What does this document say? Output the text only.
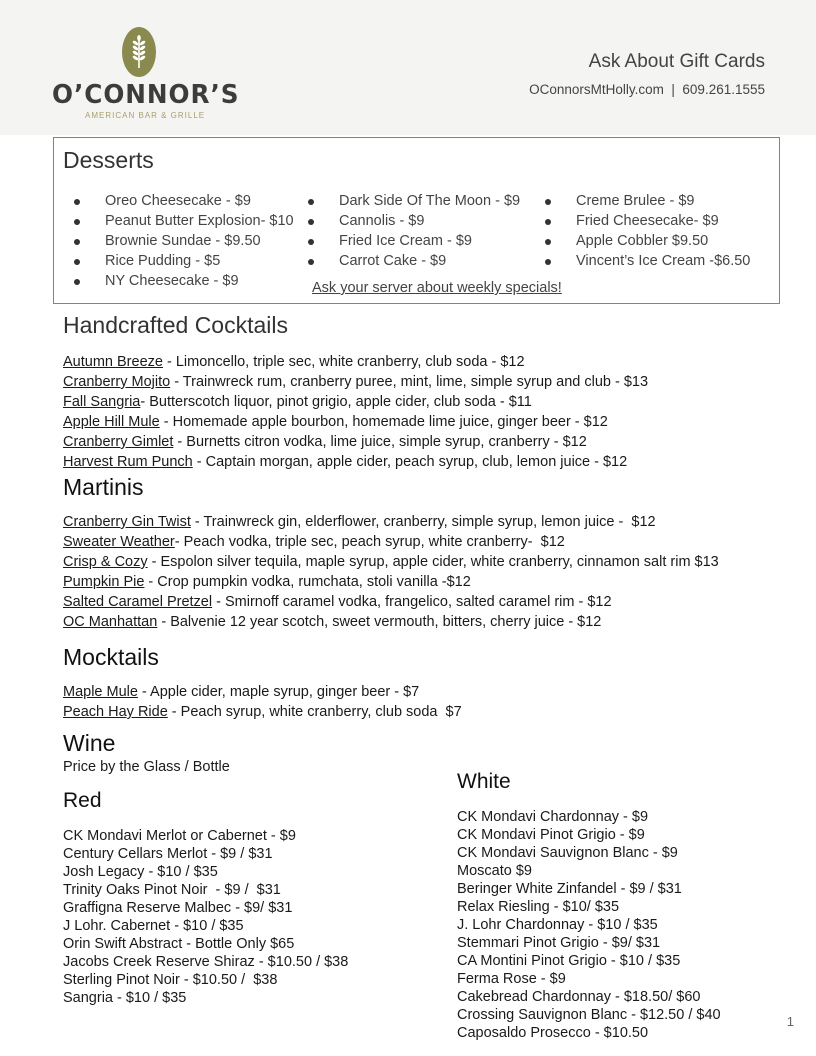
O’CONNOR’S
AMERICAN BAR & GRILLE
Ask About Gift Cards
OConnorsMtHolly.com  |  609.261.1555
Desserts
Oreo Cheesecake - $9
Peanut Butter Explosion- $10
Brownie Sundae - $9.50
Rice Pudding - $5
NY Cheesecake - $9
Dark Side Of The Moon - $9
Cannolis - $9
Fried Ice Cream - $9
Carrot Cake - $9
Creme Brulee - $9
Fried Cheesecake- $9
Apple Cobbler $9.50
Vincent’s Ice Cream -$6.50
Ask your server about weekly specials!
Handcrafted Cocktails
Autumn Breeze - Limoncello, triple sec, white cranberry, club soda - $12
Cranberry Mojito - Trainwreck rum, cranberry puree, mint, lime, simple syrup and club - $13
Fall Sangria- Butterscotch liquor, pinot grigio, apple cider, club soda - $11
Apple Hill Mule - Homemade apple bourbon, homemade lime juice, ginger beer - $12
Cranberry Gimlet - Burnetts citron vodka, lime juice, simple syrup, cranberry - $12
Harvest Rum Punch - Captain morgan, apple cider, peach syrup, club, lemon juice - $12
Martinis
Cranberry Gin Twist - Trainwreck gin, elderflower, cranberry, simple syrup, lemon juice -  $12
Sweater Weather- Peach vodka, triple sec, peach syrup, white cranberry-  $12
Crisp & Cozy - Espolon silver tequila, maple syrup, apple cider, white cranberry, cinnamon salt rim $13
Pumpkin Pie - Crop pumpkin vodka, rumchata, stoli vanilla -$12
Salted Caramel Pretzel - Smirnoff caramel vodka, frangelico, salted caramel rim - $12
OC Manhattan - Balvenie 12 year scotch, sweet vermouth, bitters, cherry juice - $12
Mocktails
Maple Mule - Apple cider, maple syrup, ginger beer - $7
Peach Hay Ride - Peach syrup, white cranberry, club soda  $7
Wine
Price by the Glass / Bottle
Red
CK Mondavi Merlot or Cabernet - $9
Century Cellars Merlot - $9 / $31
Josh Legacy - $10 / $35
Trinity Oaks Pinot Noir  - $9 /  $31
Graffigna Reserve Malbec - $9/ $31
J Lohr. Cabernet - $10 / $35
Orin Swift Abstract - Bottle Only $65
Jacobs Creek Reserve Shiraz - $10.50 / $38
Sterling Pinot Noir - $10.50 /  $38
Sangria - $10 / $35
White
CK Mondavi Chardonnay - $9
CK Mondavi Pinot Grigio - $9
CK Mondavi Sauvignon Blanc - $9
Moscato $9
Beringer White Zinfandel - $9 / $31
Relax Riesling - $10/ $35
J. Lohr Chardonnay - $10 / $35
Stemmari Pinot Grigio - $9/ $31
CA Montini Pinot Grigio - $10 / $35
Ferma Rose - $9
Cakebread Chardonnay - $18.50/ $60
Crossing Sauvignon Blanc - $12.50 / $40
Caposaldo Prosecco - $10.50
1
